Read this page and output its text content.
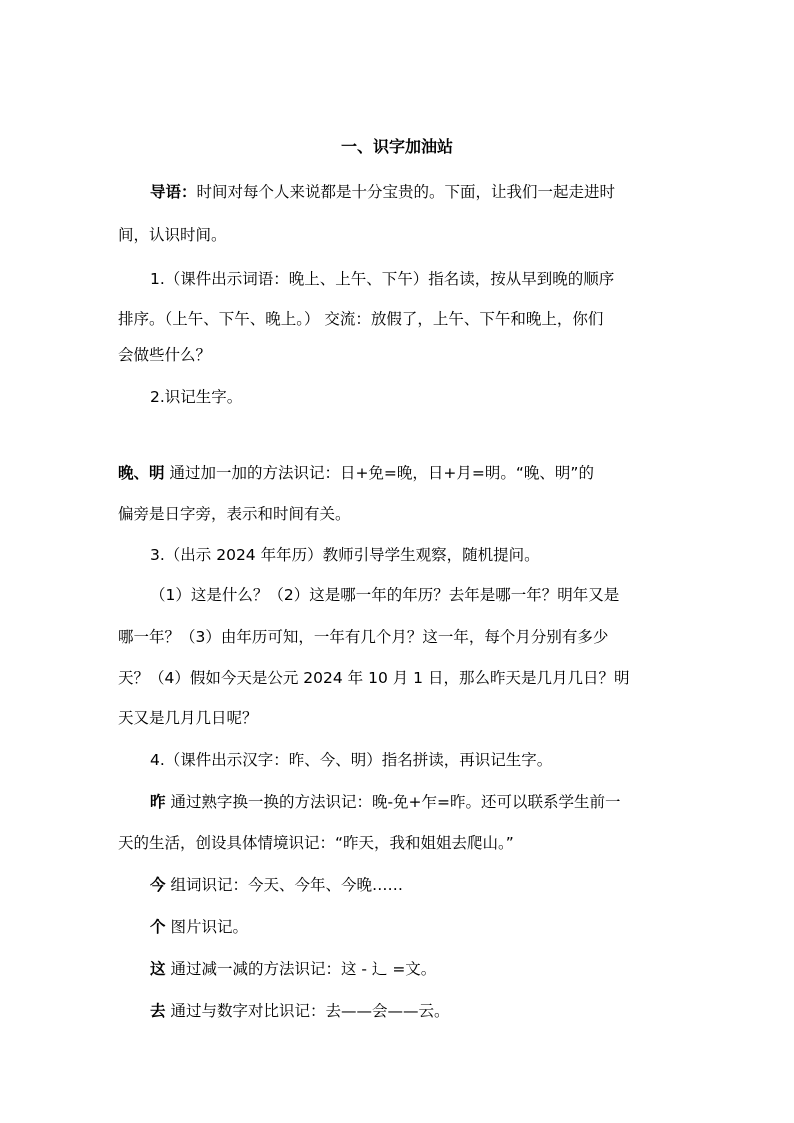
一、识字加油站
导语：时间对每个人来说都是十分宝贵的。下面，让我们一起走进时
间，认识时间。
1.（课件出示词语：晚上、上午、下午）指名读，按从早到晚的顺序
排序。（上午、下午、晚上。） 交流：放假了，上午、下午和晚上，你们
会做些什么？
2.识记生字。
晚、明 通过加一加的方法识记：日+免=晚，日+月=明。“晚、明”的
偏旁是日字旁，表示和时间有关。
3.（出示 2024 年年历）教师引导学生观察，随机提问。
（1）这是什么？（2）这是哪一年的年历？去年是哪一年？明年又是
哪一年？（3）由年历可知，一年有几个月？这一年，每个月分别有多少
天？（4）假如今天是公元 2024 年 10 月 1 日，那么昨天是几月几日？明
天又是几月几日呢？
4.（课件出示汉字：昨、今、明）指名拼读，再识记生字。
昨 通过熟字换一换的方法识记：晚-免+乍=昨。还可以联系学生前一
天的生活，创设具体情境识记：“昨天，我和姐姐去爬山。”
今 组词识记：今天、今年、今晚……
个 图片识记。
这 通过减一减的方法识记：这 - 辶 =文。
去 通过与数字对比识记：去——会——云。
